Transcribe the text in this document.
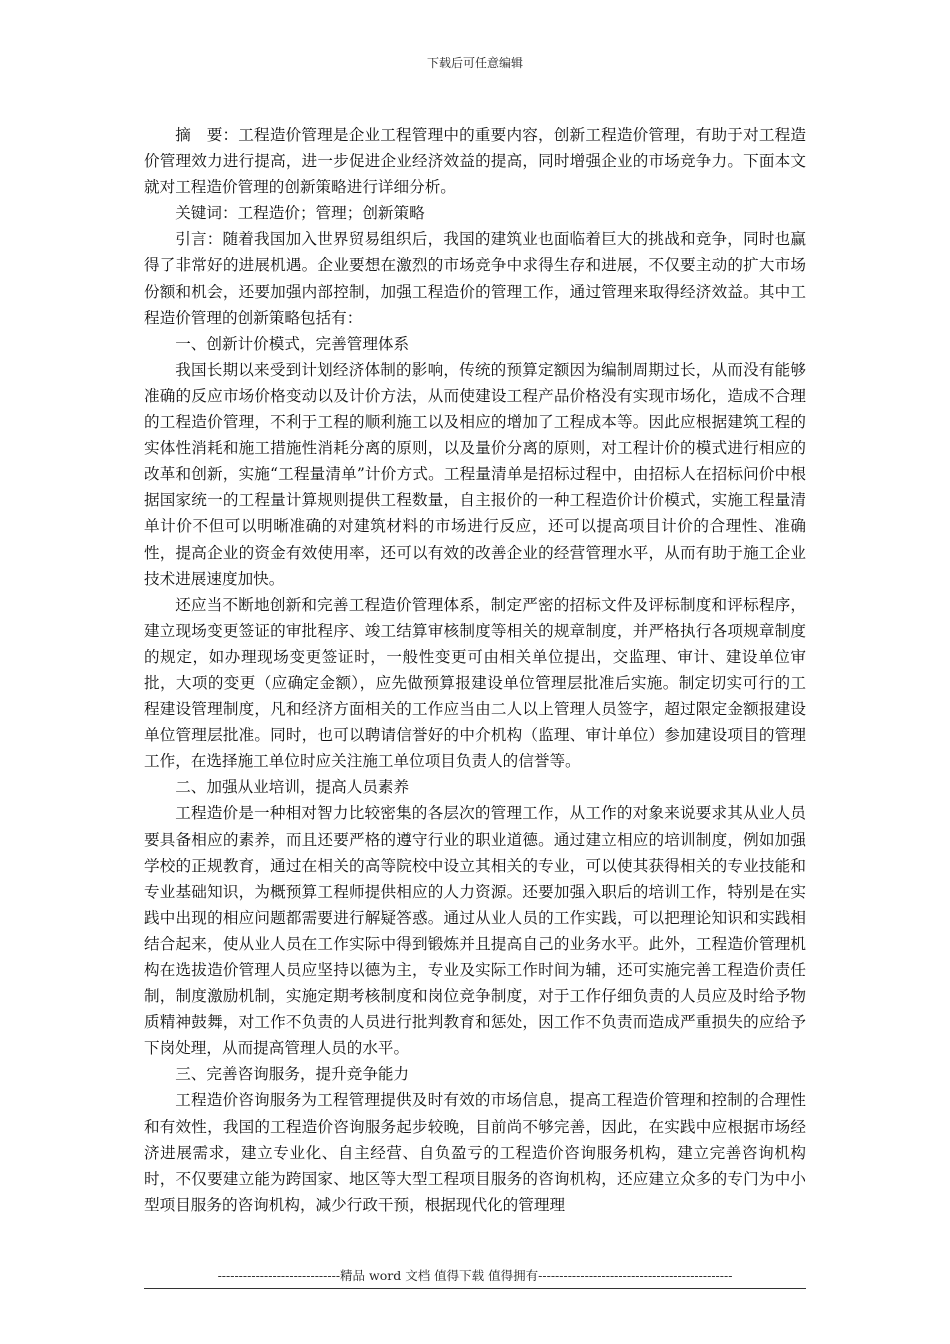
下载后可任意编辑

摘　要：工程造价管理是企业工程管理中的重要内容，创新工程造价管理，有助于对工程造价管理效力进行提高，进一步促进企业经济效益的提高，同时增强企业的市场竞争力。下面本文就对工程造价管理的创新策略进行详细分析。

关键词：工程造价；管理；创新策略

引言：随着我国加入世界贸易组织后，我国的建筑业也面临着巨大的挑战和竞争，同时也赢得了非常好的进展机遇。企业要想在激烈的市场竞争中求得生存和进展，不仅要主动的扩大市场份额和机会，还要加强内部控制，加强工程造价的管理工作，通过管理来取得经济效益。其中工程造价管理的创新策略包括有：

一、创新计价模式，完善管理体系

我国长期以来受到计划经济体制的影响，传统的预算定额因为编制周期过长，从而没有能够准确的反应市场价格变动以及计价方法，从而使建设工程产品价格没有实现市场化，造成不合理的工程造价管理，不利于工程的顺利施工以及相应的增加了工程成本等。因此应根据建筑工程的实体性消耗和施工措施性消耗分离的原则，以及量价分离的原则，对工程计价的模式进行相应的改革和创新，实施“工程量清单”计价方式。工程量清单是招标过程中，由招标人在招标问价中根据国家统一的工程量计算规则提供工程数量，自主报价的一种工程造价计价模式，实施工程量清单计价不但可以明晰准确的对建筑材料的市场进行反应，还可以提高项目计价的合理性、准确性，提高企业的资金有效使用率，还可以有效的改善企业的经营管理水平，从而有助于施工企业技术进展速度加快。

还应当不断地创新和完善工程造价管理体系，制定严密的招标文件及评标制度和评标程序，建立现场变更签证的审批程序、竣工结算审核制度等相关的规章制度，并严格执行各项规章制度的规定，如办理现场变更签证时，一般性变更可由相关单位提出，交监理、审计、建设单位审批，大项的变更（应确定金额），应先做预算报建设单位管理层批准后实施。制定切实可行的工程建设管理制度，凡和经济方面相关的工作应当由二人以上管理人员签字，超过限定金额报建设单位管理层批准。同时，也可以聘请信誉好的中介机构（监理、审计单位）参加建设项目的管理工作，在选择施工单位时应关注施工单位项目负责人的信誉等。

二、加强从业培训，提高人员素养

工程造价是一种相对智力比较密集的各层次的管理工作，从工作的对象来说要求其从业人员要具备相应的素养，而且还要严格的遵守行业的职业道德。通过建立相应的培训制度，例如加强学校的正规教育，通过在相关的高等院校中设立其相关的专业，可以使其获得相关的专业技能和专业基础知识，为概预算工程师提供相应的人力资源。还要加强入职后的培训工作，特别是在实践中出现的相应问题都需要进行解疑答惑。通过从业人员的工作实践，可以把理论知识和实践相结合起来，使从业人员在工作实际中得到锻炼并且提高自己的业务水平。此外，工程造价管理机构在选拔造价管理人员应坚持以德为主，专业及实际工作时间为辅，还可实施完善工程造价责任制，制度激励机制，实施定期考核制度和岗位竞争制度，对于工作仔细负责的人员应及时给予物质精神鼓舞，对工作不负责的人员进行批判教育和惩处，因工作不负责而造成严重损失的应给予下岗处理，从而提高管理人员的水平。

三、完善咨询服务，提升竞争能力

工程造价咨询服务为工程管理提供及时有效的市场信息，提高工程造价管理和控制的合理性和有效性，我国的工程造价咨询服务起步较晚，目前尚不够完善，因此，在实践中应根据市场经济进展需求，建立专业化、自主经营、自负盈亏的工程造价咨询服务机构，建立完善咨询机构时，不仅要建立能为跨国家、地区等大型工程项目服务的咨询机构，还应建立众多的专门为中小型项目服务的咨询机构，减少行政干预，根据现代化的管理理

-----------------------------精品 word 文档 值得下载 值得拥有----------------------------------------------
